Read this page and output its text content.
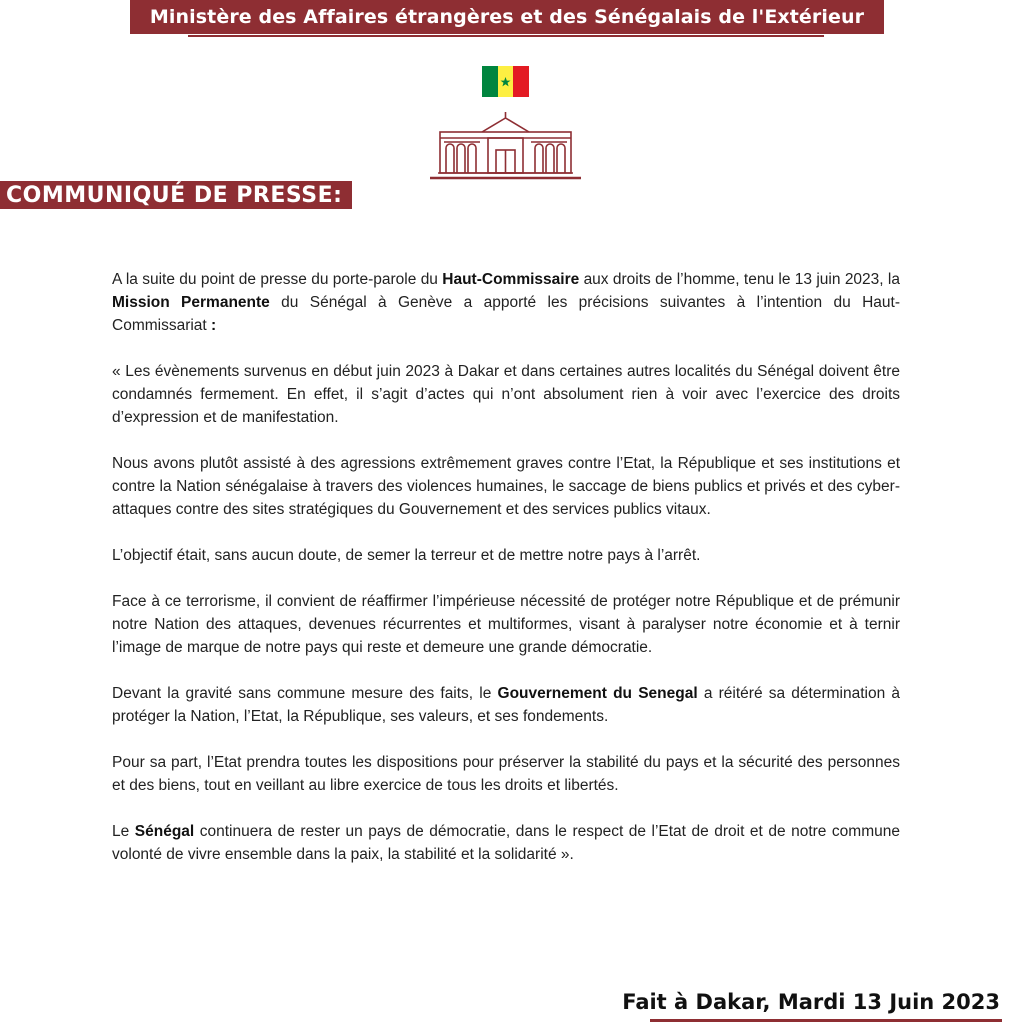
Ministère des Affaires étrangères et des Sénégalais de l'Extérieur
COMMUNIQUÉ DE PRESSE:

A la suite du point de presse du porte-parole du Haut-Commissaire aux droits de l’homme, tenu le 13 juin 2023, la Mission Permanente du Sénégal à Genève a apporté les précisions suivantes à l’intention du Haut- Commissariat :

« Les évènements survenus en début juin 2023 à Dakar et dans certaines autres localités du Sénégal doivent être condamnés fermement. En effet, il s’agit d’actes qui n’ont absolument rien à voir avec l’exercice des droits d’expression et de manifestation.

Nous avons plutôt assisté à des agressions extrêmement graves contre l’Etat, la République et ses institutions et contre la Nation sénégalaise à travers des violences humaines, le saccage de biens publics et privés et des cyber-attaques contre des sites stratégiques du Gouvernement et des services publics vitaux.

L’objectif était, sans aucun doute, de semer la terreur et de mettre notre pays à l’arrêt.

Face à ce terrorisme, il convient de réaffirmer l’impérieuse nécessité de protéger notre République et de prémunir notre Nation des attaques, devenues récurrentes et multiformes, visant à paralyser notre économie et à ternir l’image de marque de notre pays qui reste et demeure une grande démocratie.

Devant la gravité sans commune mesure des faits, le Gouvernement du Senegal a réitéré sa détermination à protéger la Nation, l’Etat, la République, ses valeurs, et ses fondements.

Pour sa part, l’Etat prendra toutes les dispositions pour préserver la stabilité du pays et la sécurité des personnes et des biens, tout en veillant au libre exercice de tous les droits et libertés.

Le Sénégal continuera de rester un pays de démocratie, dans le respect de l’Etat de droit et de notre commune volonté de vivre ensemble dans la paix, la stabilité et la solidarité ».

Fait à Dakar, Mardi 13 Juin 2023
